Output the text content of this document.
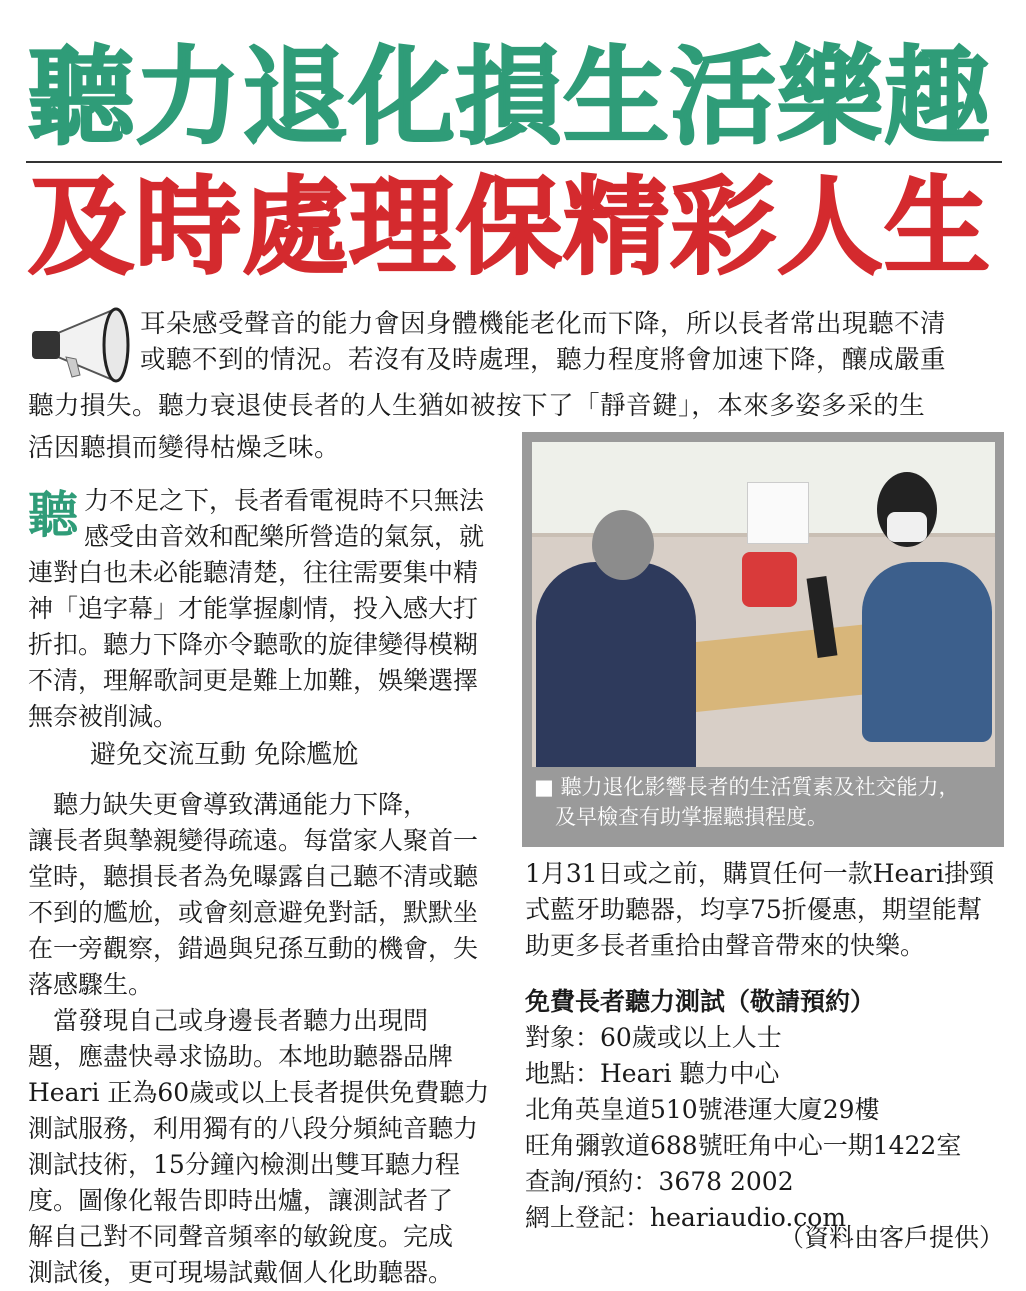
聽力退化損生活樂趣
及時處理保精彩人生
耳朵感受聲音的能力會因身體機能老化而下降，所以長者常出現聽不清
或聽不到的情況。若沒有及時處理，聽力程度將會加速下降，釀成嚴重
聽力損失。聽力衰退使長者的人生猶如被按下了「靜音鍵」，本來多姿多采的生
活因聽損而變得枯燥乏味。
聽 力不足之下，長者看電視時不只無法
感受由音效和配樂所營造的氣氛，就
連對白也未必能聽清楚，往往需要集中精
神「追字幕」才能掌握劇情，投入感大打
折扣。聽力下降亦令聽歌的旋律變得模糊
不清，理解歌詞更是難上加難，娛樂選擇
無奈被削減。
避免交流互動 免除尷尬
　聽力缺失更會導致溝通能力下降，
讓長者與摯親變得疏遠。每當家人聚首一
堂時，聽損長者為免曝露自己聽不清或聽
不到的尷尬，或會刻意避免對話，默默坐
在一旁觀察，錯過與兒孫互動的機會，失
落感驟生。
　當發現自己或身邊長者聽力出現問
題，應盡快尋求協助。本地助聽器品牌
Heari 正為60歲或以上長者提供免費聽力
測試服務，利用獨有的八段分頻純音聽力
測試技術，15分鐘內檢測出雙耳聽力程
度。圖像化報告即時出爐，讓測試者了
解自己對不同聲音頻率的敏銳度。完成
測試後，更可現場試戴個人化助聽器。
■ 聽力退化影響長者的生活質素及社交能力，
　及早檢查有助掌握聽損程度。
1月31日或之前，購買任何一款Heari掛頸
式藍牙助聽器，均享75折優惠，期望能幫
助更多長者重拾由聲音帶來的快樂。
免費長者聽力測試（敬請預約）
對象：60歲或以上人士
地點：Heari 聽力中心
北角英皇道510號港運大廈29樓
旺角彌敦道688號旺角中心一期1422室
查詢/預約：3678 2002
網上登記：heariaudio.com
（資料由客戶提供）
